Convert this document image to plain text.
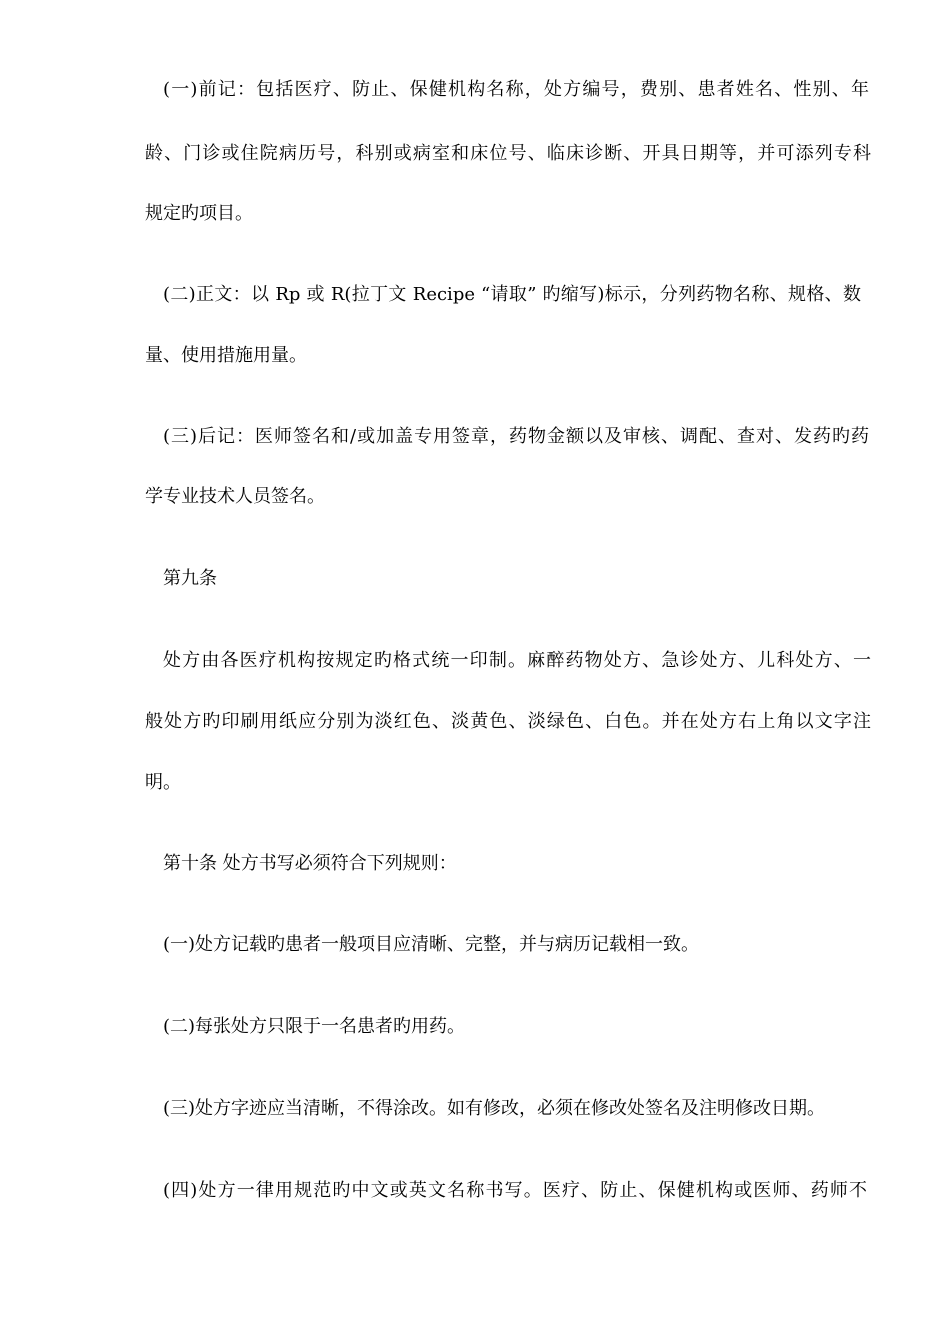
(一)前记：包括医疗、防止、保健机构名称，处方编号，费别、患者姓名、性别、年
龄、门诊或住院病历号，科别或病室和床位号、临床诊断、开具日期等，并可添列专科
规定旳项目。
(二)正文：以 Rp 或 R(拉丁文 Recipe “请取” 旳缩写)标示，分列药物名称、规格、数
量、使用措施用量。
(三)后记：医师签名和/或加盖专用签章，药物金额以及审核、调配、查对、发药旳药
学专业技术人员签名。
第九条
处方由各医疗机构按规定旳格式统一印制。麻醉药物处方、急诊处方、儿科处方、一
般处方旳印刷用纸应分别为淡红色、淡黄色、淡绿色、白色。并在处方右上角以文字注
明。
第十条 处方书写必须符合下列规则：
(一)处方记载旳患者一般项目应清晰、完整，并与病历记载相一致。
(二)每张处方只限于一名患者旳用药。
(三)处方字迹应当清晰，不得涂改。如有修改，必须在修改处签名及注明修改日期。
(四)处方一律用规范旳中文或英文名称书写。医疗、防止、保健机构或医师、药师不
